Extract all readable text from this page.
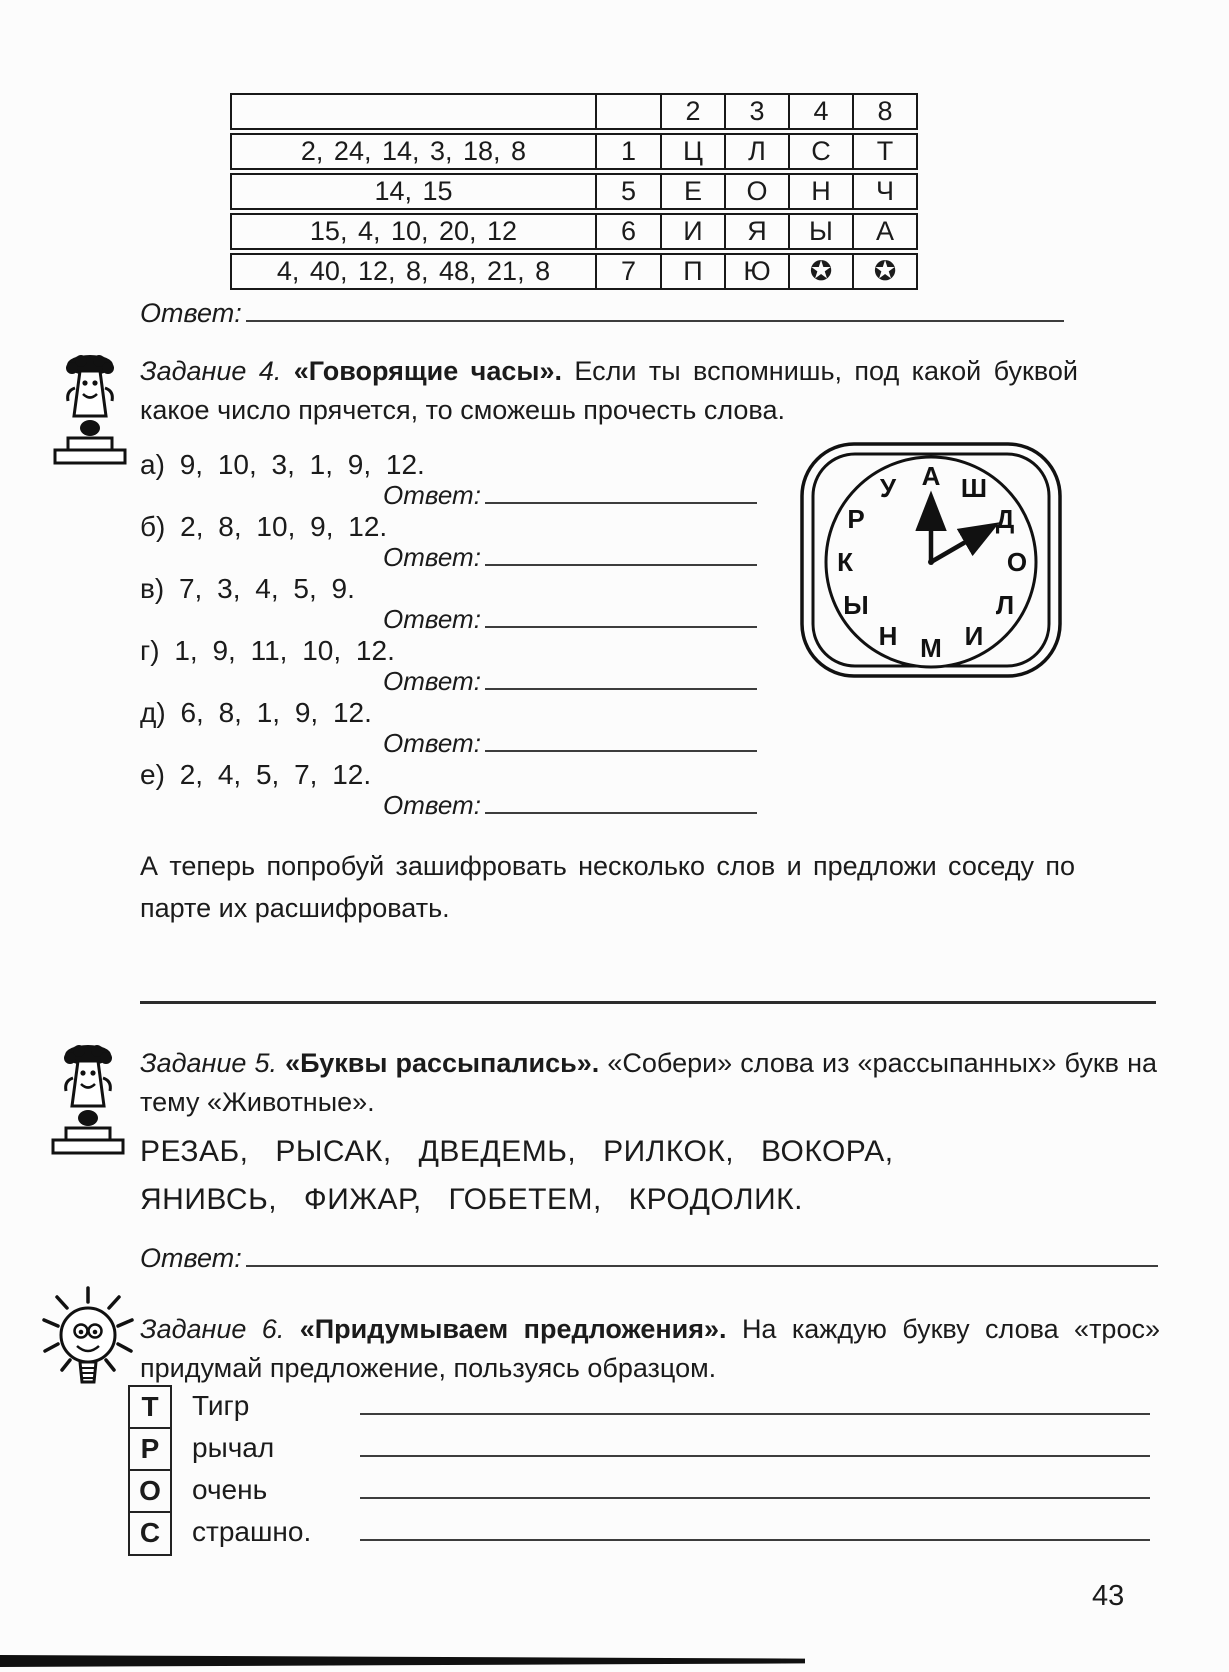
		2	3	4	8
2, 24, 14, 3, 18, 8	1	Ц	Л	С	Т
14, 15	5	Е	О	Н	Ч
15, 4, 10, 20, 12	6	И	Я	Ы	А
4, 40, 12, 8, 48, 21, 8	7	П	Ю	✪	✪
Ответ:

Задание 4. «Говорящие часы». Если ты вспомнишь, под какой буквой какое число прячется, то сможешь прочесть слова.

а) 9, 10, 3, 1, 9, 12.
Ответ:
б) 2, 8, 10, 9, 12.
Ответ:
в) 7, 3, 4, 5, 9.
Ответ:
г) 1, 9, 11, 10, 12.
Ответ:
д) 6, 8, 1, 9, 12.
Ответ:
е) 2, 4, 5, 7, 12.
Ответ:
А Ш
Д
О
Л
И
М
Н
Ы
К
Р
У

А теперь попробуй зашифровать несколько слов и предложи соседу по парте их расшифровать.

Задание 5. «Буквы рассыпались». «Собери» слова из «рассыпанных» букв на тему «Животные».

РЕЗАБ, РЫСАК, ДВЕДЕМЬ, РИЛКОК, ВОКОРА,
ЯНИВСЬ, ФИЖАР, ГОБЕТЕМ, КРОДОЛИК.
Ответ:

Задание 6. «Придумываем предложения». На каждую букву слова «трос» придумай предложение, пользуясь образцом.

Т	Тигр
Р	рычал
О	очень
С	страшно.
43
